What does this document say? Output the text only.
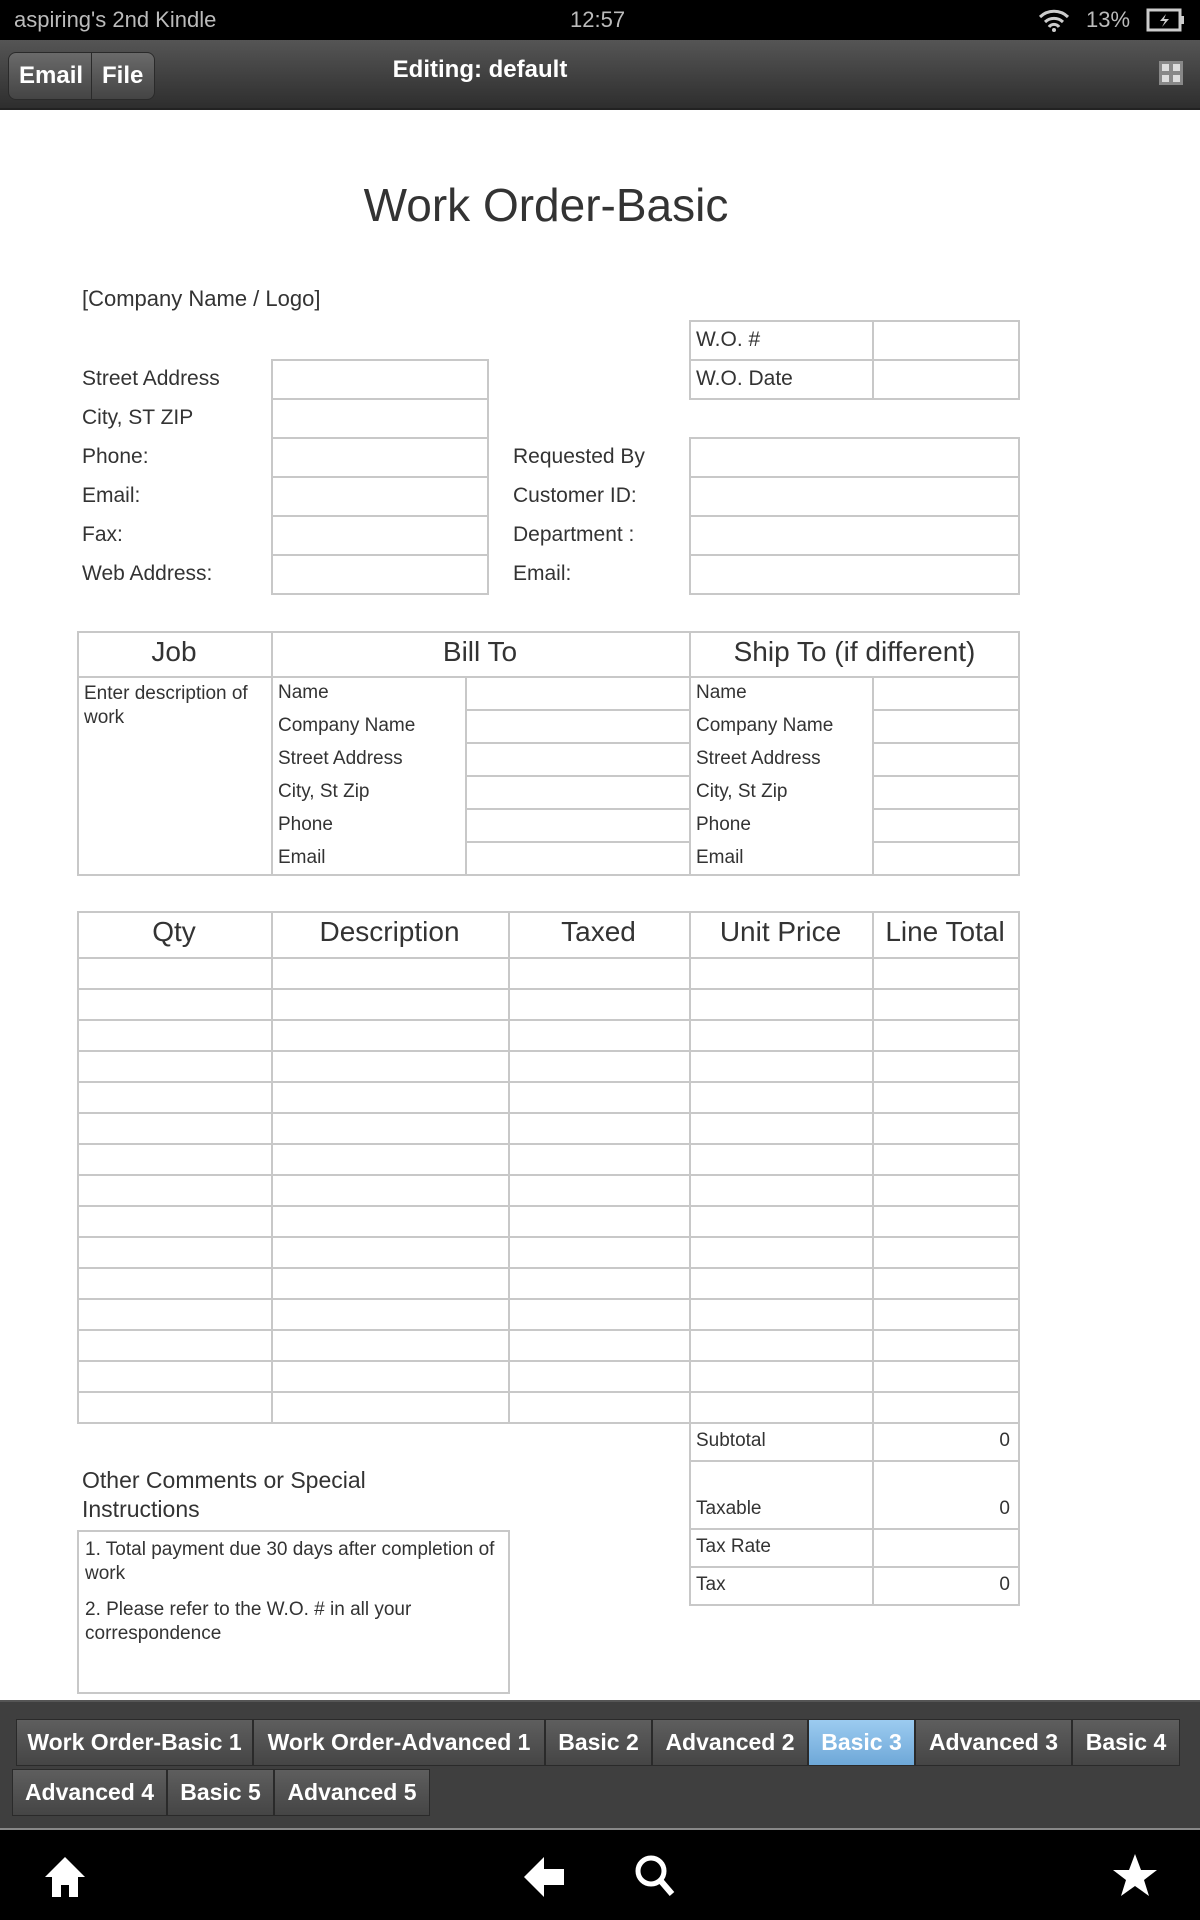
aspiring's 2nd Kindle	12:57	13%
Email File	Editing: default
Work Order-Basic
[Company Name / Logo]
Other Comments or Special Instructions
1. Total payment due 30 days after completion of work
2. Please refer to the W.O. # in all your correspondence
W.O. #
W.O. Date
Street Address
City, ST ZIP
Phone:
Email:
Fax:
Web Address:
Requested By
Customer ID:
Department :
Email:
Job	Bill To	Ship To (if different)
Enter description of work
Name	Name
Company Name	Company Name
Street Address	Street Address
City, St Zip	City, St Zip
Phone	Phone
Email	Email
Qty	Description	Taxed	Unit Price	Line Total
Subtotal	0
Taxable	0
Tax Rate
Tax	0
Work Order-Basic 1	Work Order-Advanced 1	Basic 2	Advanced 2	Basic 3	Advanced 3	Basic 4
Advanced 4	Basic 5	Advanced 5
